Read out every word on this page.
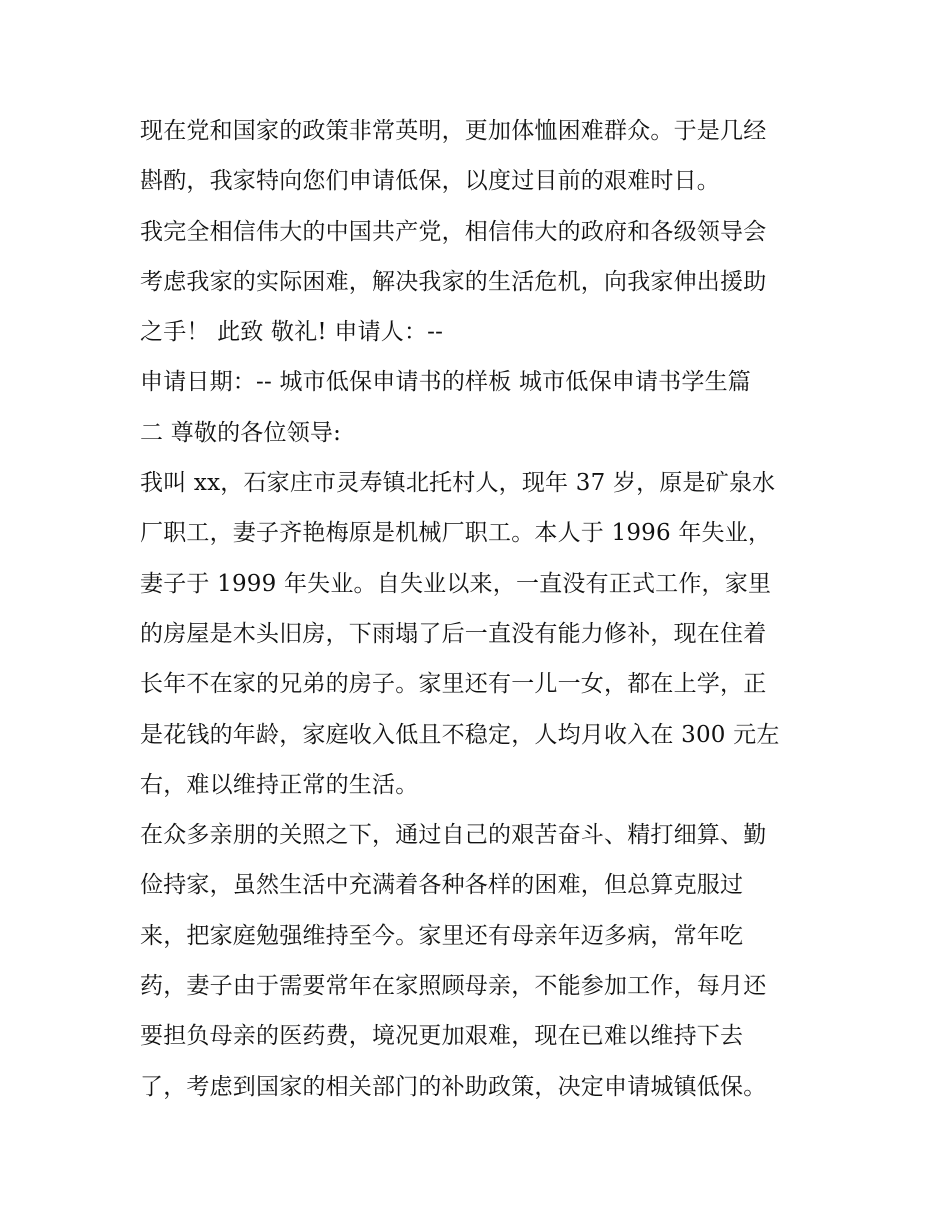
现在党和国家的政策非常英明，更加体恤困难群众。于是几经
斟酌，我家特向您们申请低保，以度过目前的艰难时日。
我完全相信伟大的中国共产党，相信伟大的政府和各级领导会
考虑我家的实际困难，解决我家的生活危机，向我家伸出援助
之手！ 此致 敬礼! 申请人：--
申请日期：-- 城市低保申请书的样板 城市低保申请书学生篇
二 尊敬的各位领导:
我叫 xx，石家庄市灵寿镇北托村人，现年 37 岁，原是矿泉水
厂职工，妻子齐艳梅原是机械厂职工。本人于 1996 年失业，
妻子于 1999 年失业。自失业以来，一直没有正式工作，家里
的房屋是木头旧房，下雨塌了后一直没有能力修补，现在住着
长年不在家的兄弟的房子。家里还有一儿一女，都在上学，正
是花钱的年龄，家庭收入低且不稳定，人均月收入在 300 元左
右，难以维持正常的生活。
在众多亲朋的关照之下，通过自己的艰苦奋斗、精打细算、勤
俭持家，虽然生活中充满着各种各样的困难，但总算克服过
来，把家庭勉强维持至今。家里还有母亲年迈多病，常年吃
药，妻子由于需要常年在家照顾母亲，不能参加工作，每月还
要担负母亲的医药费，境况更加艰难，现在已难以维持下去
了，考虑到国家的相关部门的补助政策，决定申请城镇低保。
